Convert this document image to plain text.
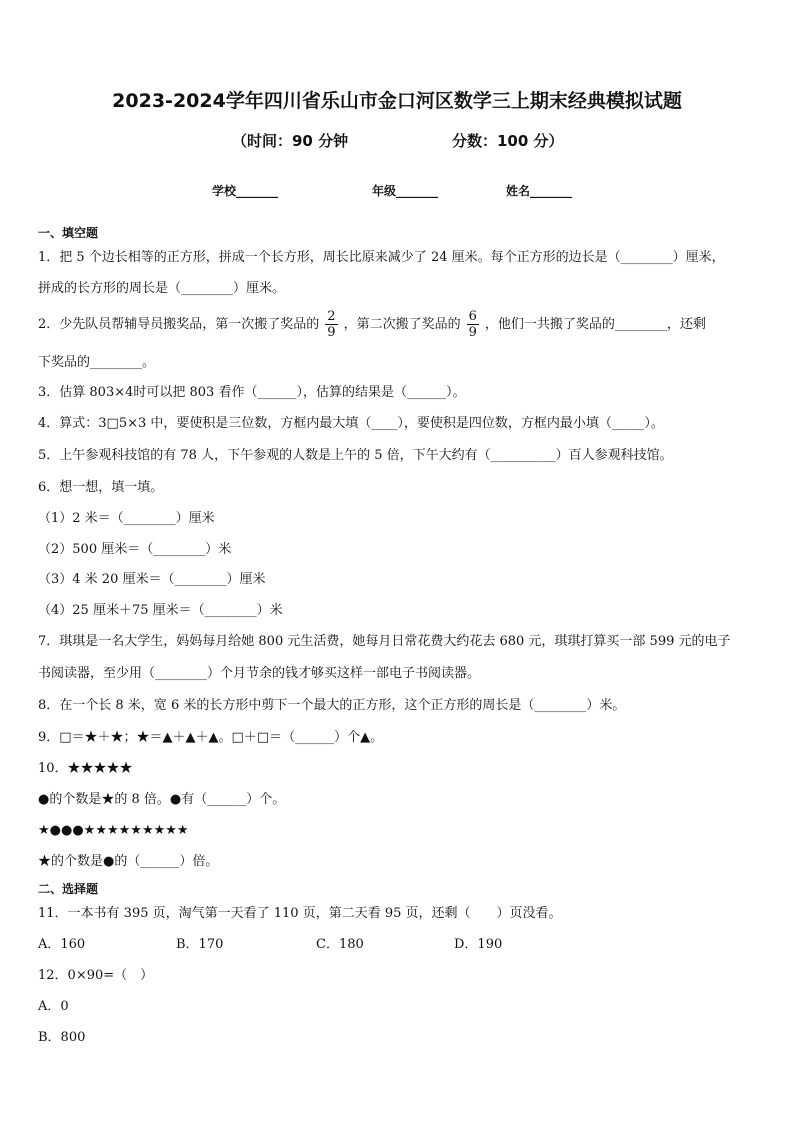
2023-2024学年四川省乐山市金口河区数学三上期末经典模拟试题
（时间：90 分钟	分数：100 分）
学校_______	年级_______	姓名_______
一、填空题
1．把 5 个边长相等的正方形，拼成一个长方形，周长比原来减少了 24 厘米。每个正方形的边长是（________）厘米，
拼成的长方形的周长是（________）厘米。
2．少先队员帮辅导员搬奖品，第一次搬了奖品的 $\frac{2}{9}$ ，第二次搬了奖品的 $\frac{6}{9}$ ，他们一共搬了奖品的________，还剩
下奖品的________。
3．估算 803×4时可以把 803 看作（______），估算的结果是（______）。
4．算式：3□5×3 中，要使积是三位数，方框内最大填（____），要使积是四位数，方框内最小填（_____）。
5．上午参观科技馆的有 78 人，下午参观的人数是上午的 5 倍，下午大约有（__________）百人参观科技馆。
6．想一想，填一填。
（1）2 米＝（________）厘米
（2）500 厘米＝（________）米
（3）4 米 20 厘米＝（________）厘米
（4）25 厘米＋75 厘米＝（________）米
7．琪琪是一名大学生，妈妈每月给她 800 元生活费，她每月日常花费大约花去 680 元，琪琪打算买一部 599 元的电子
书阅读器，至少用（________）个月节余的钱才够买这样一部电子书阅读器。
8．在一个长 8 米，宽 6 米的长方形中剪下一个最大的正方形，这个正方形的周长是（________）米。
9．□＝★＋★；★＝▲＋▲＋▲。□＋□＝（______）个▲。
10．★★★★★
●的个数是★的 8 倍。●有（______）个。
★●●●★★★★★★★★★
★的个数是●的（______）倍。
二、选择题
11．一本书有 395 页，淘气第一天看了 110 页，第二天看 95 页，还剩（　　）页没看。
A．160	B．170	C．180	D．190
12．0×90=（　）
A．0
B．800
